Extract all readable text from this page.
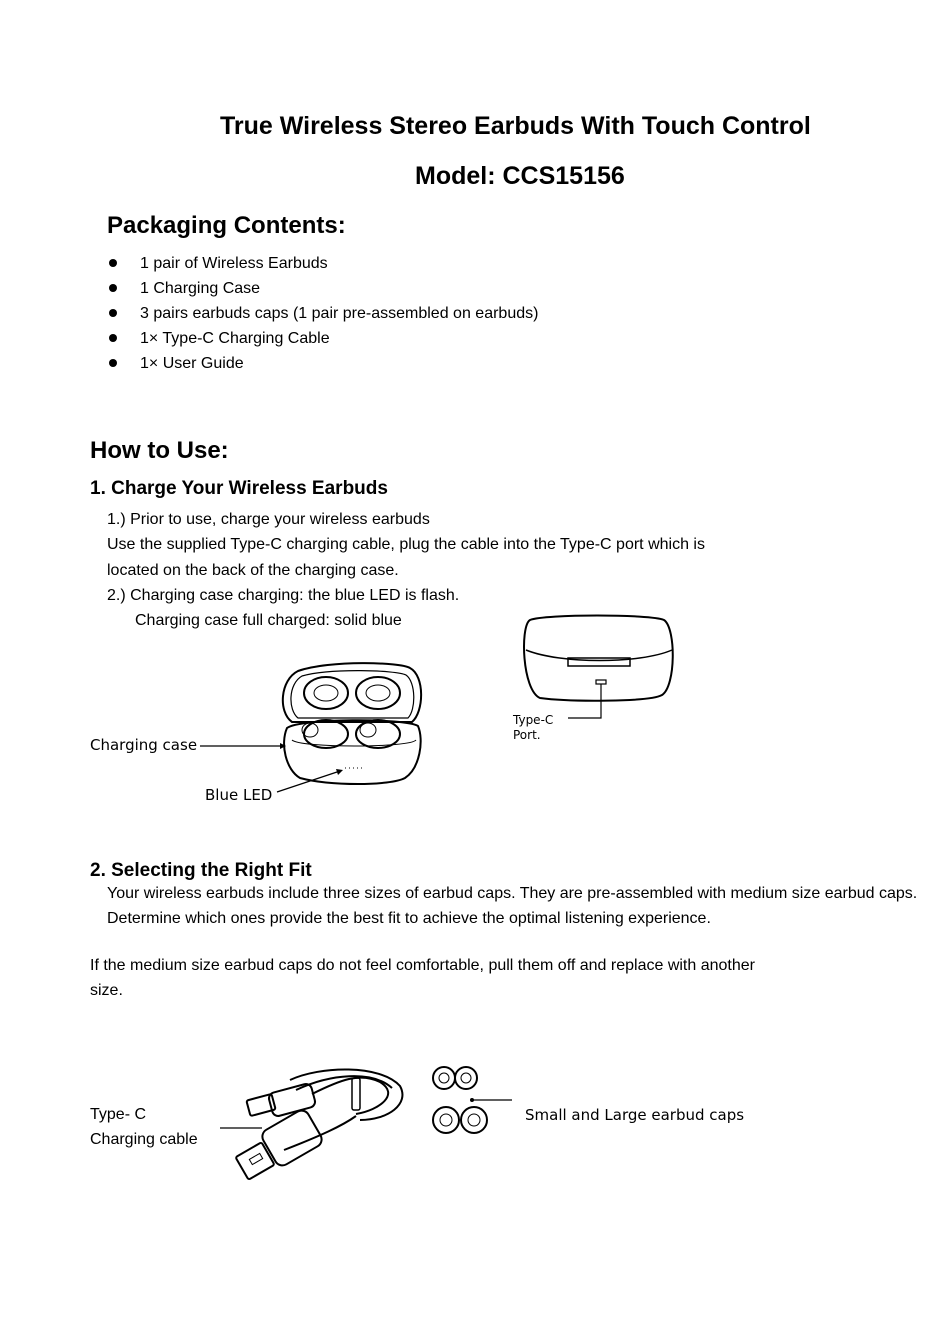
True Wireless Stereo Earbuds With Touch Control
Model: CCS15156
Packaging Contents:
1 pair of Wireless Earbuds
1 Charging Case
3 pairs earbuds caps (1 pair pre-assembled on earbuds)
1× Type-C Charging Cable
1× User Guide
How to Use:
1. Charge Your Wireless Earbuds
1.) Prior to use, charge your wireless earbuds
Use the supplied Type-C charging cable, plug the cable into the Type-C port which is
located on the back of the charging case.
2.) Charging case charging: the blue LED is flash.
Charging case full charged: solid blue
Charging case
Blue LED
Type-C
Port.
2. Selecting the Right Fit
Your wireless earbuds include three sizes of earbud caps. They are pre-assembled with medium size earbud caps.
Determine which ones provide the best fit to achieve the optimal listening experience.
If the medium size earbud caps do not feel comfortable, pull them off and replace with another
size.
Type- C
Charging cable
Small and Large earbud caps
